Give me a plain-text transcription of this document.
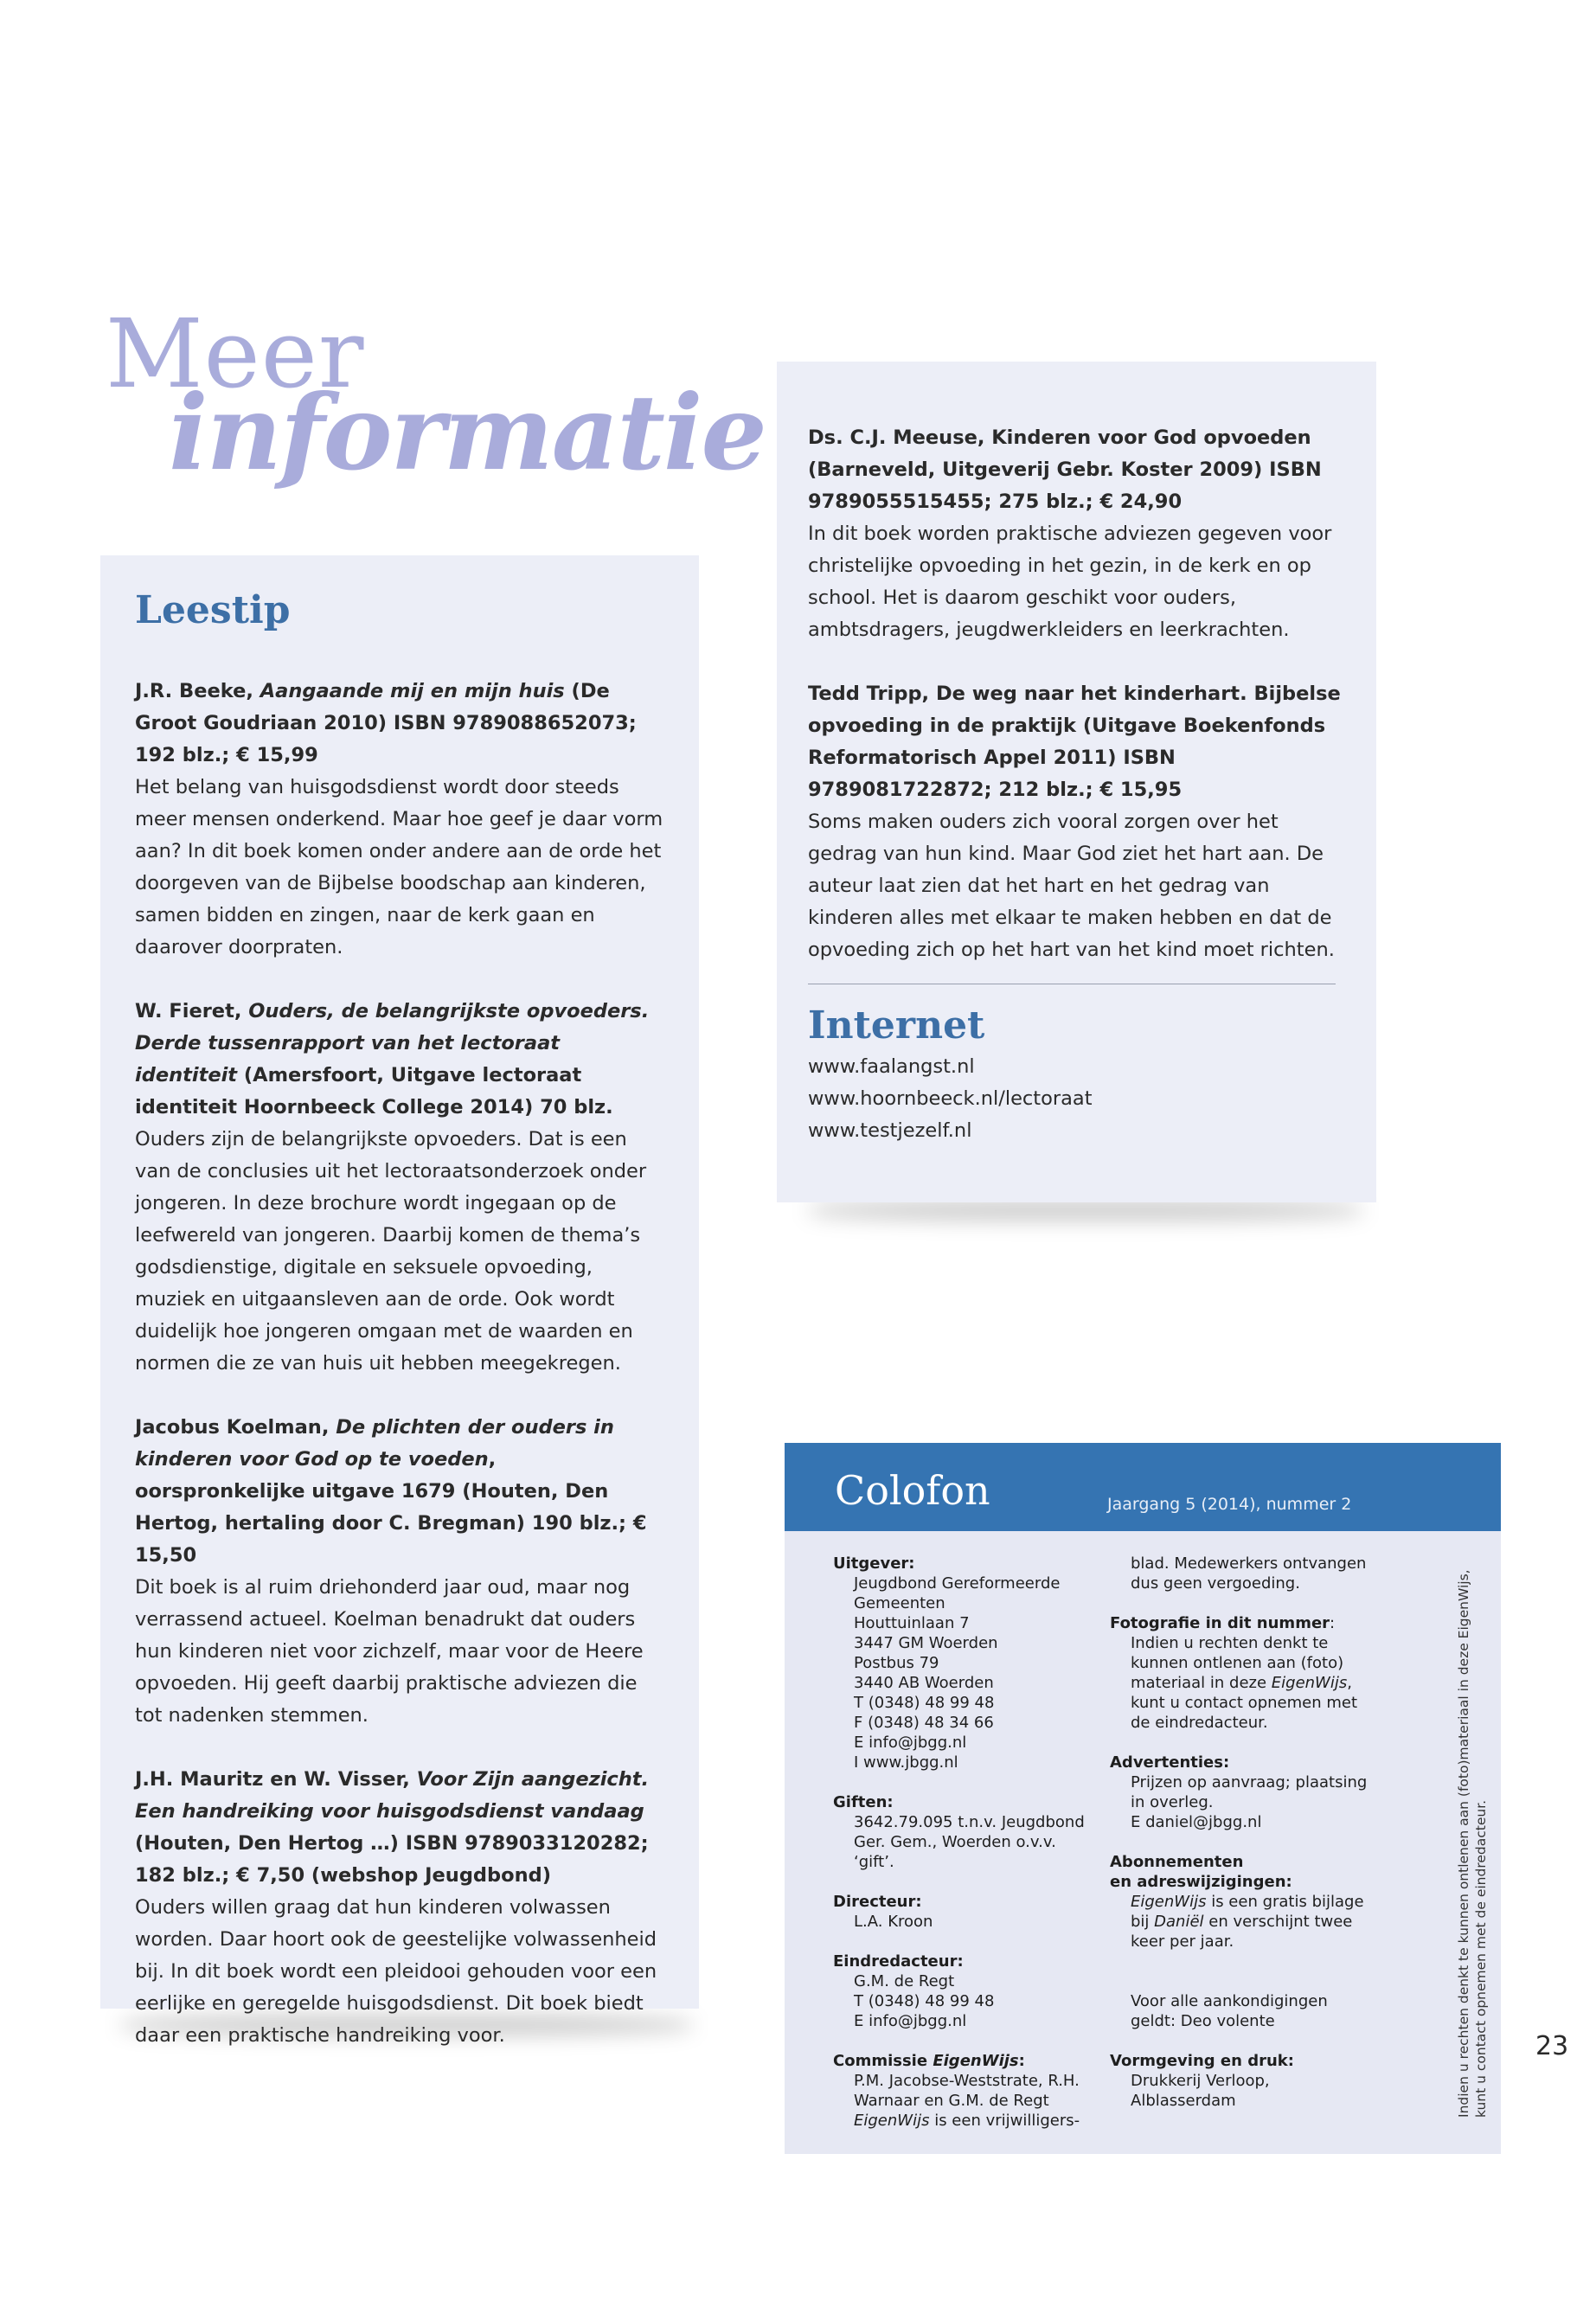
Meer
informatie
Leestip

J.R. Beeke, Aangaande mij en mijn huis (De Groot Goudriaan 2010) ISBN 9789088652073; 192 blz.; € 15,99

Het belang van huisgodsdienst wordt door steeds meer mensen onderkend. Maar hoe geef je daar vorm aan? In dit boek komen onder andere aan de orde het doorgeven van de Bijbelse boodschap aan kinderen, samen bidden en zingen, naar de kerk gaan en daarover doorpraten.

W. Fieret, Ouders, de belangrijkste opvoeders. Derde tussenrapport van het lectoraat identiteit (Amersfoort, Uitgave lectoraat identiteit Hoornbeeck College 2014) 70 blz.

Ouders zijn de belangrijkste opvoeders. Dat is een van de conclusies uit het lectoraatsonderzoek onder jongeren. In deze brochure wordt ingegaan op de leefwereld van jongeren. Daarbij komen de thema’s godsdienstige, digitale en seksuele opvoeding, muziek en uitgaansleven aan de orde. Ook wordt duidelijk hoe jongeren omgaan met de waarden en normen die ze van huis uit hebben meegekregen.

Jacobus Koelman, De plichten der ouders in kinderen voor God op te voeden, oorspronkelijke uitgave 1679 (Houten, Den Hertog, hertaling door C. Bregman) 190 blz.; € 15,50

Dit boek is al ruim driehonderd jaar oud, maar nog verrassend actueel. Koelman benadrukt dat ouders hun kinderen niet voor zichzelf, maar voor de Heere opvoeden. Hij geeft daarbij praktische adviezen die tot nadenken stemmen.

J.H. Mauritz en W. Visser, Voor Zijn aangezicht. Een handreiking voor huisgodsdienst vandaag (Houten, Den Hertog …) ISBN 9789033120282; 182 blz.; € 7,50 (webshop Jeugdbond)

Ouders willen graag dat hun kinderen volwassen worden. Daar hoort ook de geestelijke volwassenheid bij. In dit boek wordt een pleidooi gehouden voor een eerlijke en geregelde huisgodsdienst. Dit boek biedt daar een praktische handreiking voor.

Ds. C.J. Meeuse, Kinderen voor God opvoeden (Barneveld, Uitgeverij Gebr. Koster 2009) ISBN 9789055515455; 275 blz.; € 24,90

In dit boek worden praktische adviezen gegeven voor christelijke opvoeding in het gezin, in de kerk en op school. Het is daarom geschikt voor ouders, ambtsdragers, jeugdwerkleiders en leerkrachten.

Tedd Tripp, De weg naar het kinderhart. Bijbelse opvoeding in de praktijk (Uitgave Boekenfonds Reformatorisch Appel 2011) ISBN 9789081722872; 212 blz.; € 15,95

Soms maken ouders zich vooral zorgen over het gedrag van hun kind. Maar God ziet het hart aan. De auteur laat zien dat het hart en het gedrag van kinderen alles met elkaar te maken hebben en dat de opvoeding zich op het hart van het kind moet richten.

Internet
www.faalangst.nl
www.hoornbeeck.nl/lectoraat
www.testjezelf.nl
Colofon	Jaargang 5 (2014), nummer 2
Uitgever:
Jeugdbond Gereformeerde
Gemeenten
Houttuinlaan 7
3447 GM Woerden
Postbus 79
3440 AB Woerden
T (0348) 48 99 48
F (0348) 48 34 66
E info@jbgg.nl
I www.jbgg.nl
Giften:
3642.79.095 t.n.v. Jeugdbond
Ger. Gem., Woerden o.v.v. ‘gift’.
Directeur:
L.A. Kroon
Eindredacteur:
G.M. de Regt
T (0348) 48 99 48
E info@jbgg.nl
Commissie EigenWijs:
P.M. Jacobse-Weststrate, R.H.
Warnaar en G.M. de Regt
EigenWijs is een vrijwilligers-
blad. Medewerkers ontvangen
dus geen vergoeding.
Fotografie in dit nummer:
Indien u rechten denkt te
kunnen ontlenen aan (foto)
materiaal in deze EigenWijs,
kunt u contact opnemen met
de eindredacteur.
Advertenties:
Prijzen op aanvraag; plaatsing
in overleg.
E daniel@jbgg.nl
Abonnementen
en adreswijzigingen:
EigenWijs is een gratis bijlage
bij Daniël en verschijnt twee
keer per jaar.
Voor alle aankondigingen
geldt: Deo volente
Vormgeving en druk:
Drukkerij Verloop,
Alblasserdam	Indien u rechten denkt te kunnen ontlenen aan (foto)materiaal in deze EigenWijs, kunt u contact opnemen met de eindredacteur. 23
